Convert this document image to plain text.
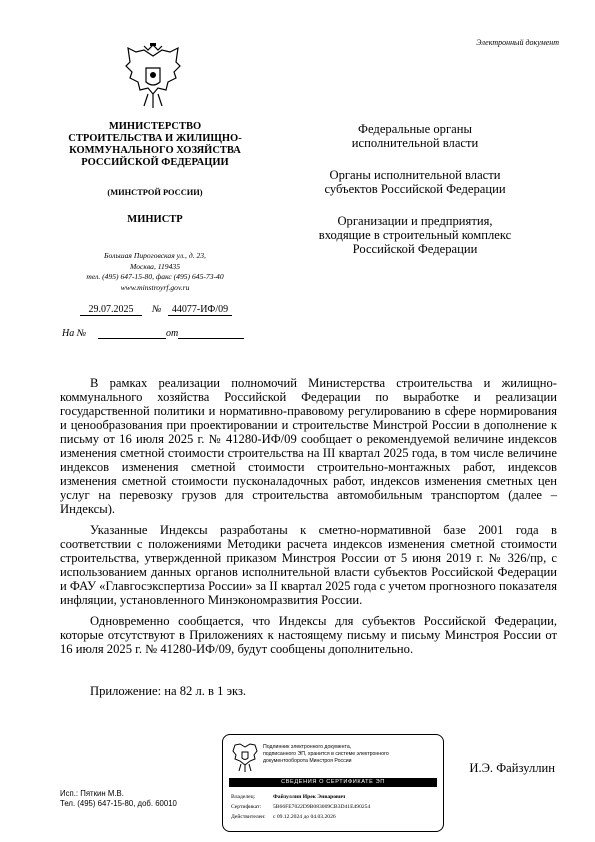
Электронный документ
МИНИСТЕРСТВО
СТРОИТЕЛЬСТВА И ЖИЛИЩНО-
КОММУНАЛЬНОГО ХОЗЯЙСТВА
РОССИЙСКОЙ ФЕДЕРАЦИИ
(МИНСТРОЙ РОССИИ)
МИНИСТР
Большая Пироговская ул., д. 23,
Москва, 119435
тел. (495) 647-15-80, факс (495) 645-73-40
www.minstroyrf.gov.ru
29.07.2025	№	44077-ИФ/09
На №	от
Федеральные органы
исполнительной власти
Органы исполнительной власти
субъектов Российской Федерации
Организации и предприятия,
входящие в строительный комплекс
Российской Федерации

В рамках реализации полномочий Министерства строительства и жилищно-коммунального хозяйства Российской Федерации по выработке и реализации государственной политики и нормативно-правовому регулированию в сфере нормирования и ценообразования при проектировании и строительстве Минстрой России в дополнение к письму от 16 июля 2025 г. № 41280-ИФ/09 сообщает о рекомендуемой величине индексов изменения сметной стоимости строительства на III квартал 2025 года, в том числе величине индексов изменения сметной стоимости строительно-монтажных работ, индексов изменения сметной стоимости пусконаладочных работ, индексов изменения сметных цен услуг на перевозку грузов для строительства автомобильным транспортом (далее – Индексы).

Указанные Индексы разработаны к сметно-нормативной базе 2001 года в соответствии с положениями Методики расчета индексов изменения сметной стоимости строительства, утвержденной приказом Минстроя России от 5 июня 2019 г. № 326/пр, с использованием данных органов исполнительной власти субъектов Российской Федерации и ФАУ «Главгосэкспертиза России» за II квартал 2025 года с учетом прогнозного показателя инфляции, установленного Минэкономразвития России.

Одновременно сообщается, что Индексы для субъектов Российской Федерации, которые отсутствуют в Приложениях к настоящему письму и письму Минстроя России от 16 июля 2025 г. № 41280-ИФ/09, будут сообщены дополнительно.

Приложение: на 82 л. в 1 экз.
Подлинник электронного документа,
подписанного ЭП, хранится в системе электронного
документооборота Минстроя России
СВЕДЕНИЯ О СЕРТИФИКАТЕ ЭП
Владелец:	Файзуллин Ирек Энварович
Сертификат: 5B66FE7022D9B083009CB3D41E490254
Действителен: с 09.12.2024 до 04.03.2026
И.Э. Файзуллин
Исп.: Пяткин М.В.
Тел. (495) 647-15-80, доб. 60010
